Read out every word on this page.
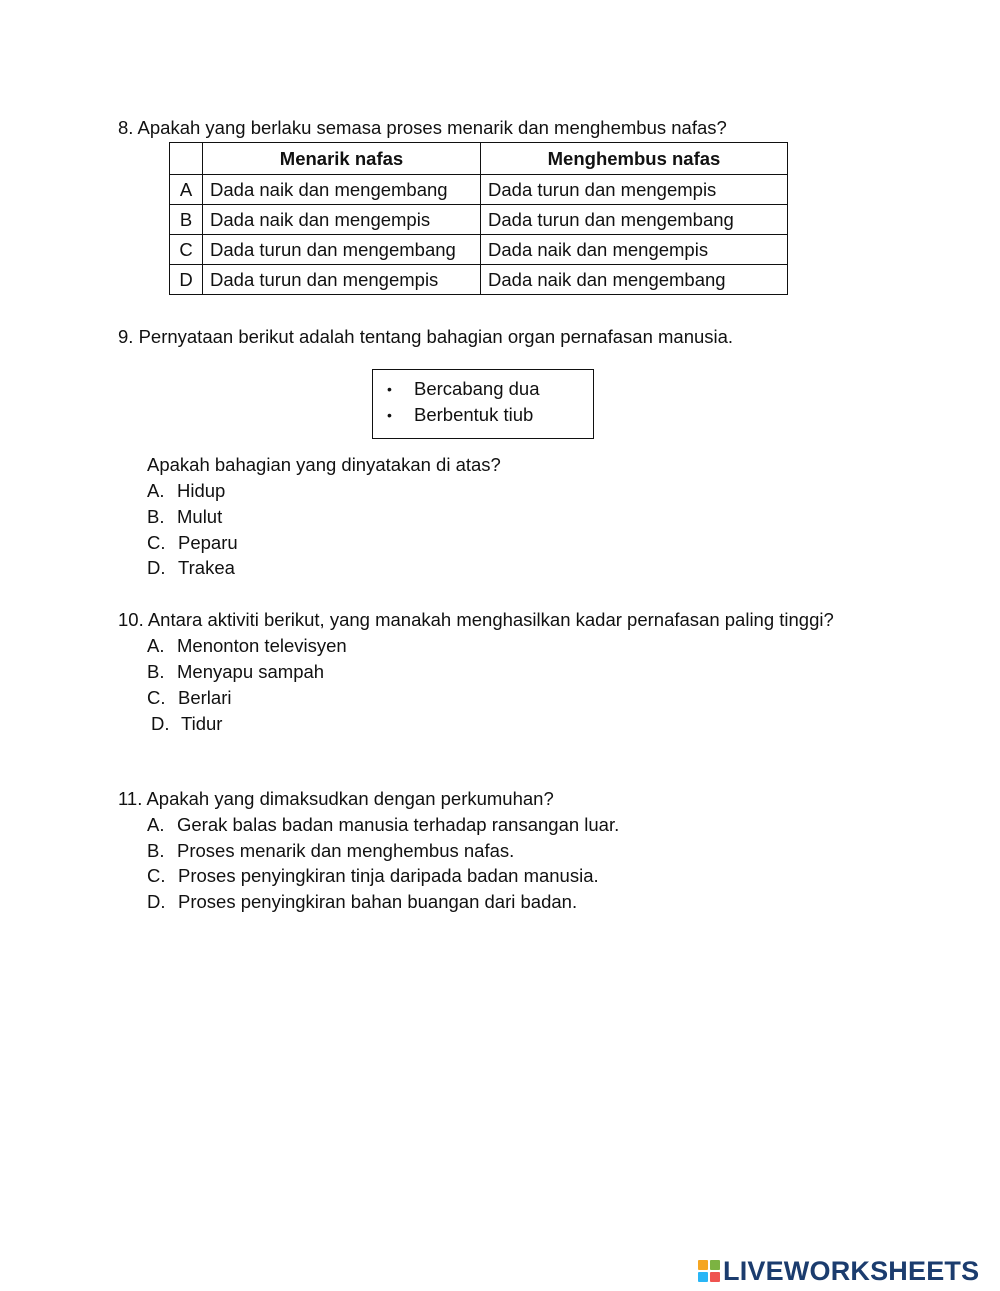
8. Apakah yang berlaku semasa proses menarik dan menghembus nafas?
	Menarik nafas	Menghembus nafas
A	Dada naik dan mengembang	Dada turun dan mengempis
B	Dada naik dan mengempis	Dada turun dan mengembang
C	Dada turun dan mengembang	Dada naik dan mengempis
D	Dada turun dan mengempis	Dada naik dan mengembang
9. Pernyataan berikut adalah tentang bahagian organ pernafasan manusia.
• Bercabang dua
• Berbentuk tiub
Apakah bahagian yang dinyatakan di atas?
A. Hidup
B. Mulut
C. Peparu
D. Trakea
10. Antara aktiviti berikut, yang manakah menghasilkan kadar pernafasan paling tinggi?
A. Menonton televisyen
B. Menyapu sampah
C. Berlari
D. Tidur
11. Apakah yang dimaksudkan dengan perkumuhan?
A. Gerak balas badan manusia terhadap ransangan luar.
B. Proses menarik dan menghembus nafas.
C. Proses penyingkiran tinja daripada badan manusia.
D. Proses penyingkiran bahan buangan dari badan.
LIVEWORKSHEETS
